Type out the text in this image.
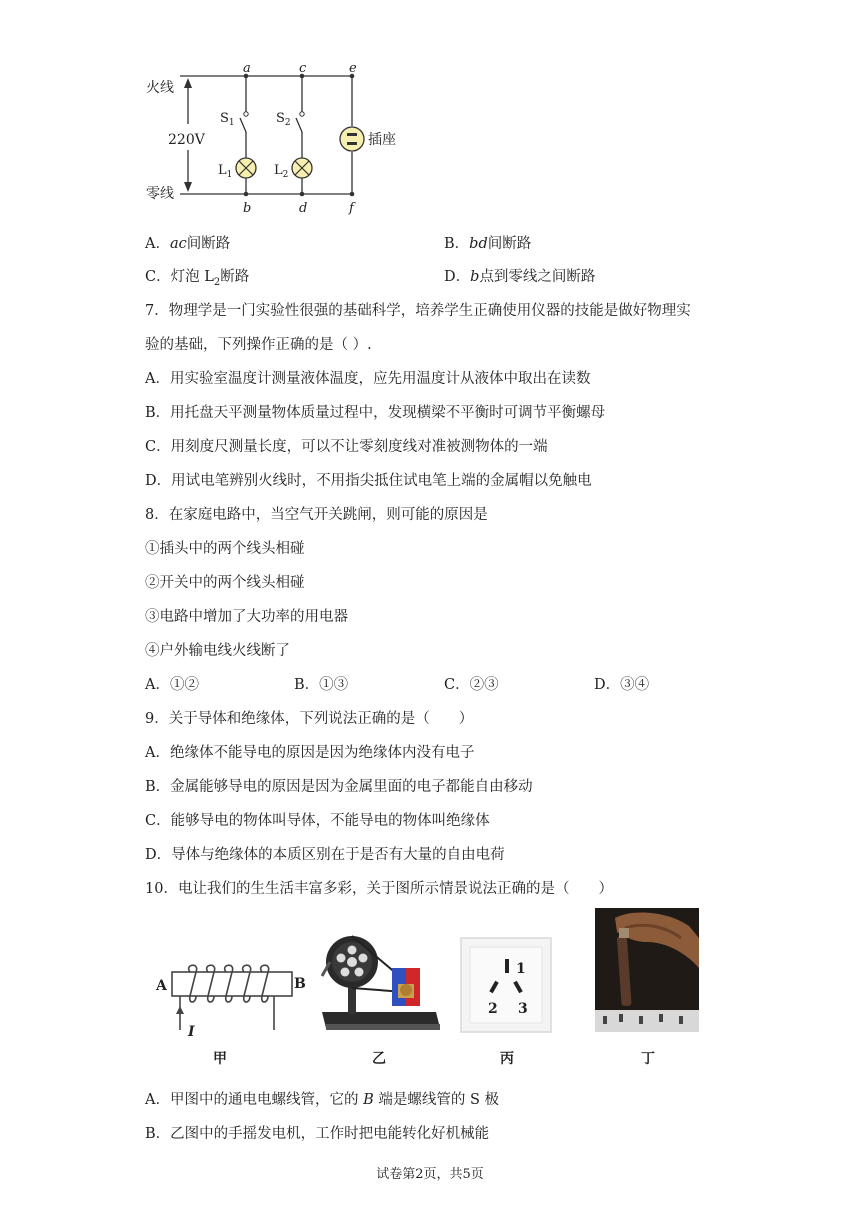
火线
零线
220V
a	c	e
b	d	f
$S_1$	$S_2$
$L_1$	$L_2$
插座
A．ac间断路	B．bd间断路
C．灯泡 $L_2$断路	D．b点到零线之间断路
7．物理学是一门实验性很强的基础科学，培养学生正确使用仪器的技能是做好物理实
验的基础，下列操作正确的是（ ）.
A．用实验室温度计测量液体温度，应先用温度计从液体中取出在读数
B．用托盘天平测量物体质量过程中，发现横梁不平衡时可调节平衡螺母
C．用刻度尺测量长度，可以不让零刻度线对准被测物体的一端
D．用试电笔辨别火线时，不用指尖抵住试电笔上端的金属帽以免触电
8．在家庭电路中，当空气开关跳闸，则可能的原因是
①插头中的两个线头相碰
②开关中的两个线头相碰
③电路中增加了大功率的用电器
④户外输电线火线断了
A．①②	B．①③	C．②③	D．③④
9．关于导体和绝缘体，下列说法正确的是（　　）
A．绝缘体不能导电的原因是因为绝缘体内没有电子
B．金属能够导电的原因是因为金属里面的电子都能自由移动
C．能够导电的物体叫导体，不能导电的物体叫绝缘体
D．导体与绝缘体的本质区别在于是否有大量的自由电荷
10．电让我们的生生活丰富多彩，关于图所示情景说法正确的是（　　）
A	B
I
1
2 3
甲	乙	丙	丁
A．甲图中的通电电螺线管，它的 B 端是螺线管的 S 极
B．乙图中的手摇发电机，工作时把电能转化好机械能
试卷第2页，共5页
